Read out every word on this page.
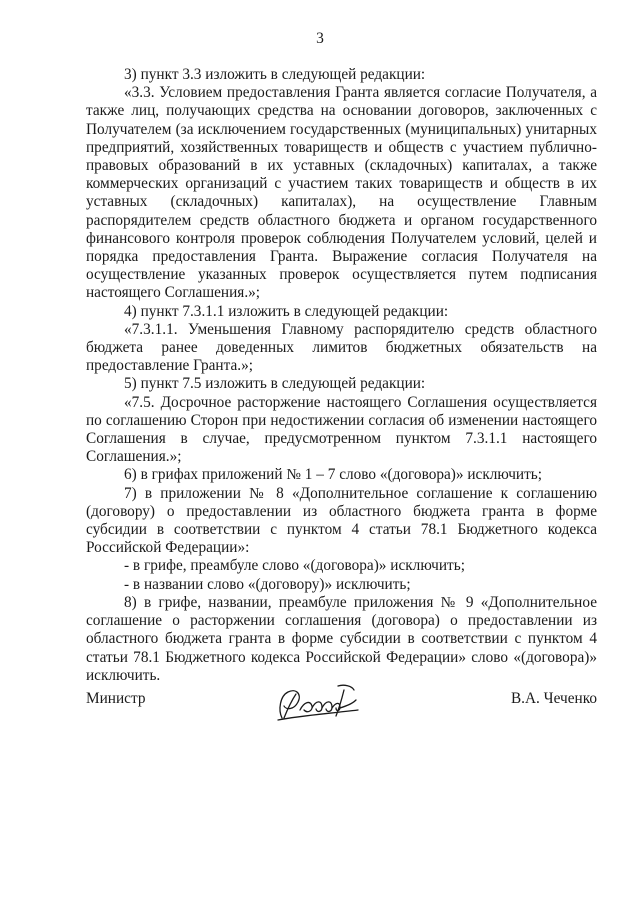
3

3) пункт 3.3 изложить в следующей редакции:

«3.3. Условием предоставления Гранта является согласие Получателя, а также лиц, получающих средства на основании договоров, заключенных с Получателем (за исключением государственных (муниципальных) унитарных предприятий, хозяйственных товариществ и обществ с участием публично-правовых образований в их уставных (складочных) капиталах, а также коммерческих организаций с участием таких товариществ и обществ в их уставных (складочных) капиталах), на осуществление Главным распорядителем средств областного бюджета и органом государственного финансового контроля проверок соблюдения Получателем условий, целей и порядка предоставления Гранта. Выражение согласия Получателя на осуществление указанных проверок осуществляется путем подписания настоящего Соглашения.»;

4) пункт 7.3.1.1 изложить в следующей редакции:

«7.3.1.1. Уменьшения Главному распорядителю средств областного бюджета ранее доведенных лимитов бюджетных обязательств на предоставление Гранта.»;

5) пункт 7.5 изложить в следующей редакции:

«7.5. Досрочное расторжение настоящего Соглашения осуществляется по соглашению Сторон при недостижении согласия об изменении настоящего Соглашения в случае, предусмотренном пунктом 7.3.1.1 настоящего Соглашения.»;

6) в грифах приложений № 1 – 7 слово «(договора)» исключить;

7) в приложении № 8 «Дополнительное соглашение к соглашению (договору) о предоставлении из областного бюджета гранта в форме субсидии в соответствии с пунктом 4 статьи 78.1 Бюджетного кодекса Российской Федерации»:

- в грифе, преамбуле слово «(договора)» исключить;

- в названии слово «(договору)» исключить;

8) в грифе, названии, преамбуле приложения № 9 «Дополнительное соглашение о расторжении соглашения (договора) о предоставлении из областного бюджета гранта в форме субсидии в соответствии с пунктом 4 статьи 78.1 Бюджетного кодекса Российской Федерации» слово «(договора)» исключить.

Министр	В.А. Чеченко
